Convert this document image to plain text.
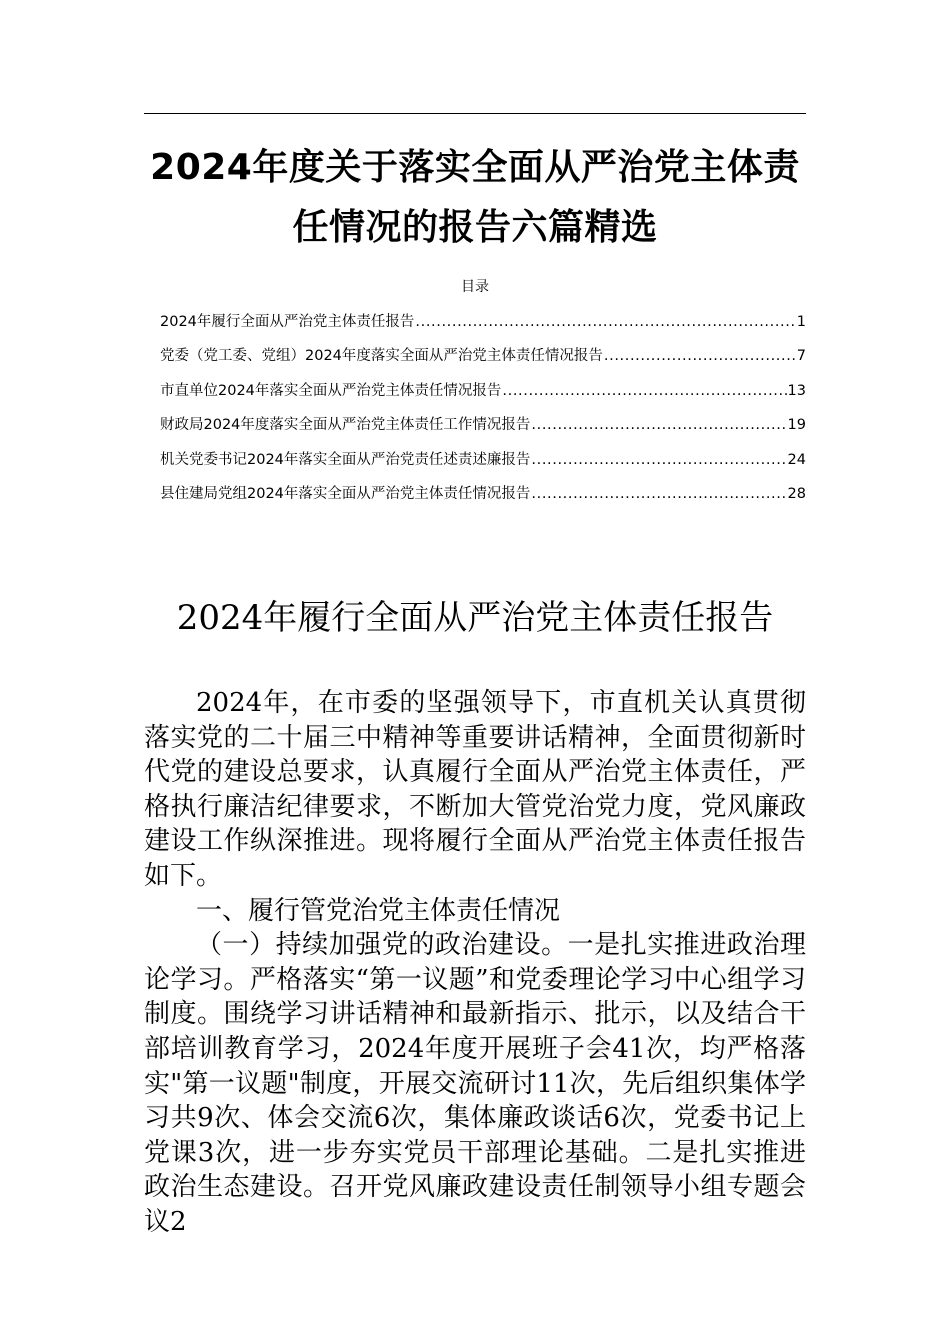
2024年度关于落实全面从严治党主体责任情况的报告六篇精选
目录
2024年履行全面从严治党主体责任报告 .....	1
党委（党工委、党组）2024年度落实全面从严治党主体责任情况报告 .....	7
市直单位2024年落实全面从严治党主体责任情况报告 .....	13
财政局2024年度落实全面从严治党主体责任工作情况报告 .....	19
机关党委书记2024年落实全面从严治党责任述责述廉报告 .....	24
县住建局党组2024年落实全面从严治党主体责任情况报告 .....	28
2024年履行全面从严治党主体责任报告

2024年，在市委的坚强领导下，市直机关认真贯彻落实党的二十届三中精神等重要讲话精神，全面贯彻新时代党的建设总要求，认真履行全面从严治党主体责任，严格执行廉洁纪律要求，不断加大管党治党力度，党风廉政建设工作纵深推进。现将履行全面从严治党主体责任报告如下。

一、履行管党治党主体责任情况

（一）持续加强党的政治建设。一是扎实推进政治理论学习。严格落实“第一议题”和党委理论学习中心组学习制度。围绕学习讲话精神和最新指示、批示，以及结合干部培训教育学习，2024年度开展班子会41次，均严格落实"第一议题"制度，开展交流研讨11次，先后组织集体学习共9次、体会交流6次，集体廉政谈话6次，党委书记上党课3次，进一步夯实党员干部理论基础。二是扎实推进政治生态建设。召开党风廉政建设责任制领导小组专题会议2
